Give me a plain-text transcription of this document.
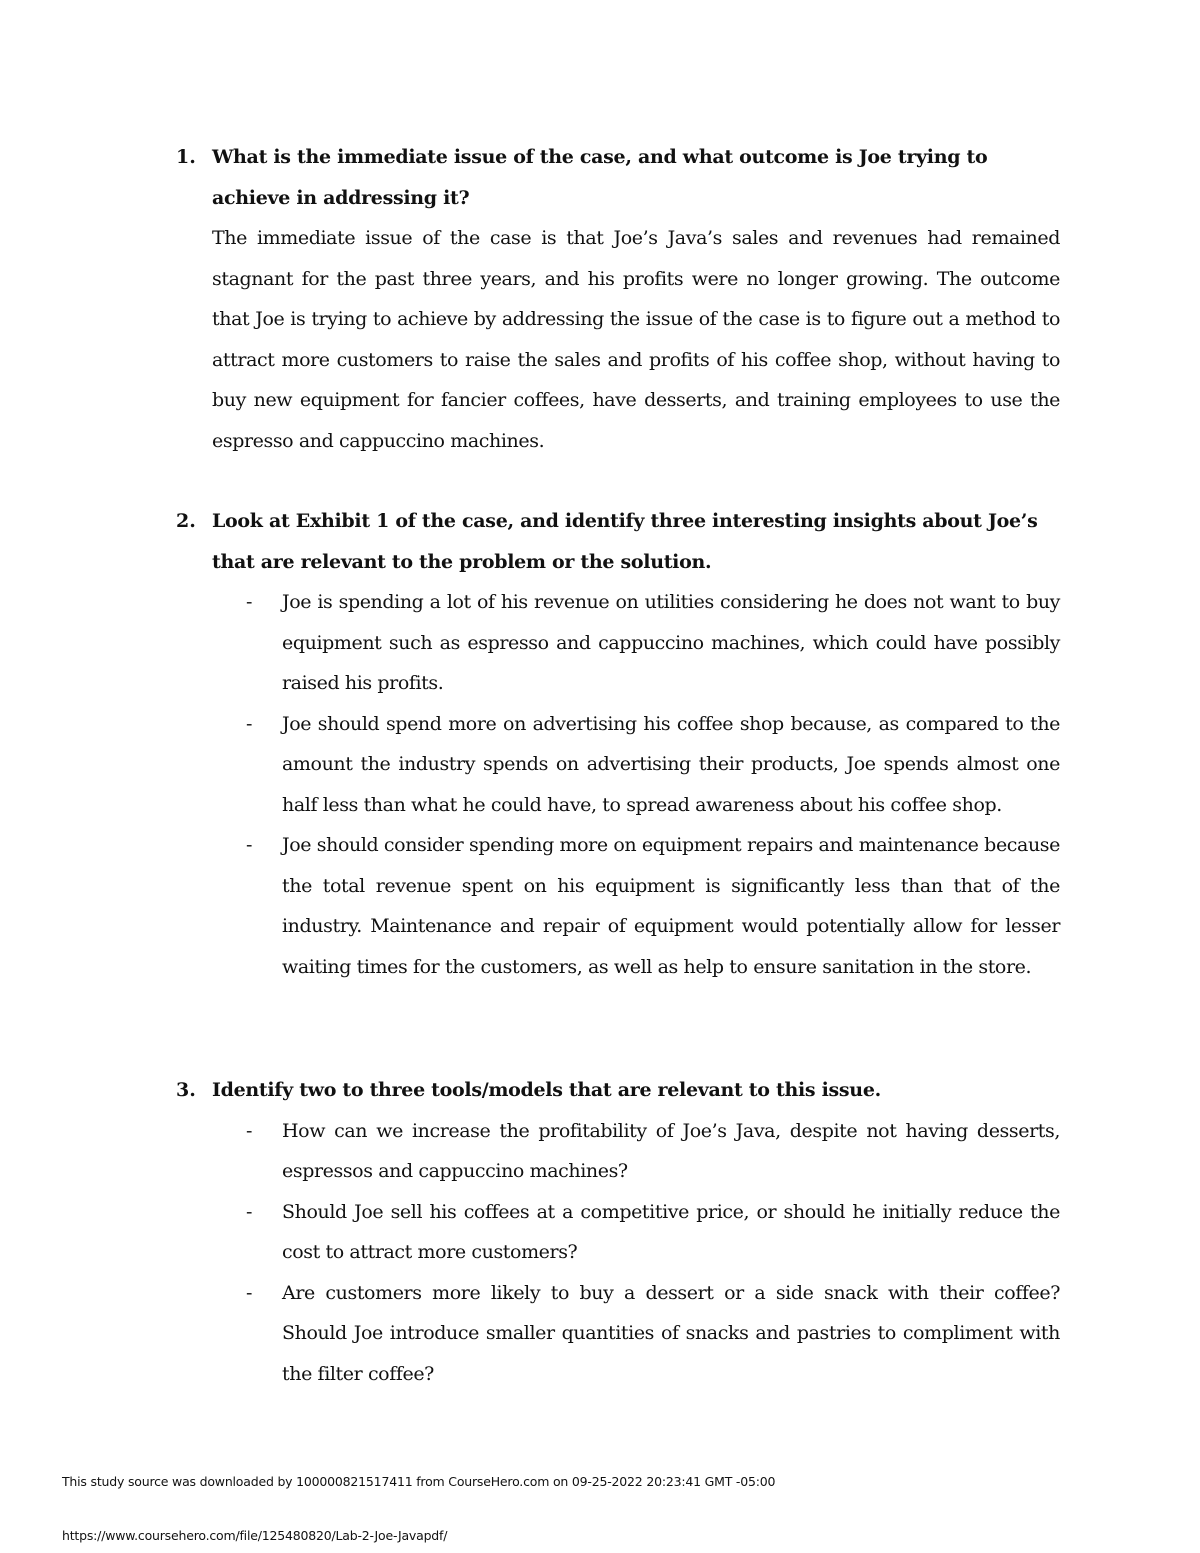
1. What is the immediate issue of the case, and what outcome is Joe trying to achieve in addressing it?

The immediate issue of the case is that Joe’s Java’s sales and revenues had remained stagnant for the past three years, and his profits were no longer growing. The outcome that Joe is trying to achieve by addressing the issue of the case is to figure out a method to attract more customers to raise the sales and profits of his coffee shop, without having to buy new equipment for fancier coffees, have desserts, and training employees to use the espresso and cappuccino machines.

2. Look at Exhibit 1 of the case, and identify three interesting insights about Joe’s that are relevant to the problem or the solution.
- Joe is spending a lot of his revenue on utilities considering he does not want to buy equipment such as espresso and cappuccino machines, which could have possibly raised his profits.
- Joe should spend more on advertising his coffee shop because, as compared to the amount the industry spends on advertising their products, Joe spends almost one half less than what he could have, to spread awareness about his coffee shop.
- Joe should consider spending more on equipment repairs and maintenance because the total revenue spent on his equipment is significantly less than that of the industry. Maintenance and repair of equipment would potentially allow for lesser waiting times for the customers, as well as help to ensure sanitation in the store.
3. Identify two to three tools/models that are relevant to this issue.
- How can we increase the profitability of Joe’s Java, despite not having desserts, espressos and cappuccino machines?
- Should Joe sell his coffees at a competitive price, or should he initially reduce the cost to attract more customers?
- Are customers more likely to buy a dessert or a side snack with their coffee? Should Joe introduce smaller quantities of snacks and pastries to compliment with the filter coffee?
This study source was downloaded by 100000821517411 from CourseHero.com on 09-25-2022 20:23:41 GMT -05:00
https://www.coursehero.com/file/125480820/Lab-2-Joe-Javapdf/
